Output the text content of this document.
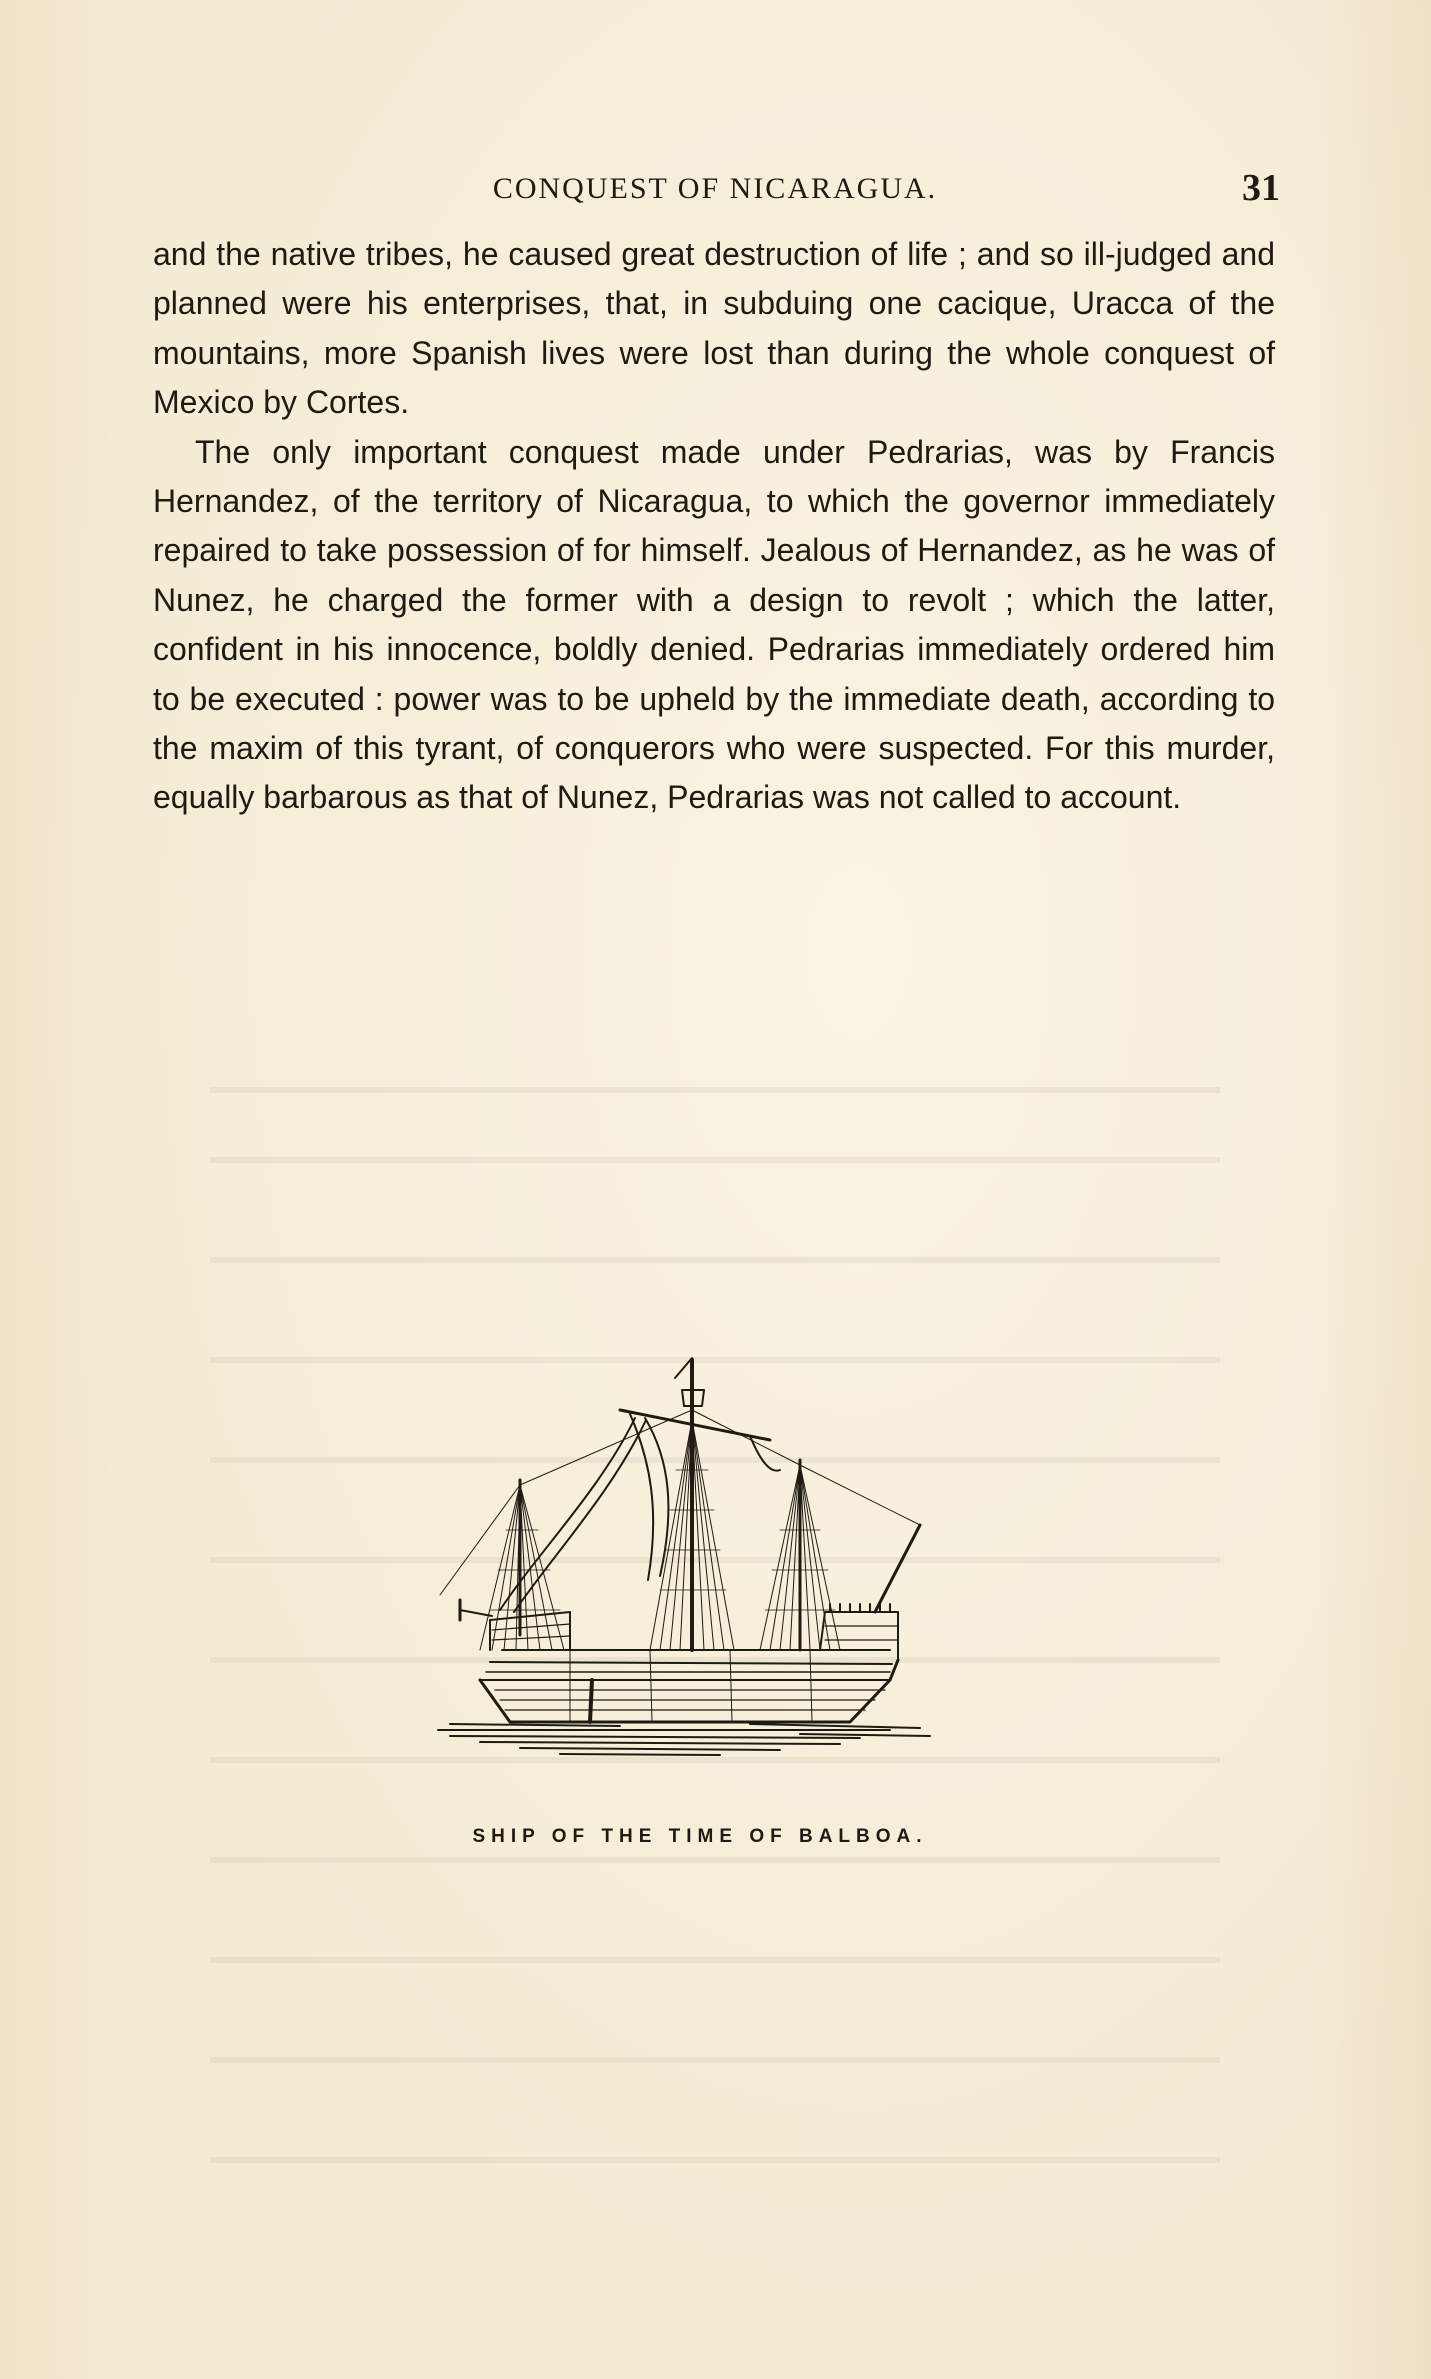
CONQUEST OF NICARAGUA.	31

and the native tribes, he caused great destruction of life ; and so ill-judged and planned were his enterprises, that, in subduing one cacique, Uracca of the mountains, more Spanish lives were lost than during the whole conquest of Mexico by Cortes.

The only important conquest made under Pedrarias, was by Francis Hernandez, of the territory of Nicaragua, to which the governor immediately repaired to take possession of for himself. Jealous of Hernandez, as he was of Nunez, he charged the former with a design to revolt ; which the latter, confident in his innocence, boldly denied. Pedrarias immediately ordered him to be executed : power was to be upheld by the immediate death, according to the maxim of this tyrant, of conquerors who were suspected. For this murder, equally barbarous as that of Nunez, Pedrarias was not called to account.

SHIP OF THE TIME OF BALBOA.
